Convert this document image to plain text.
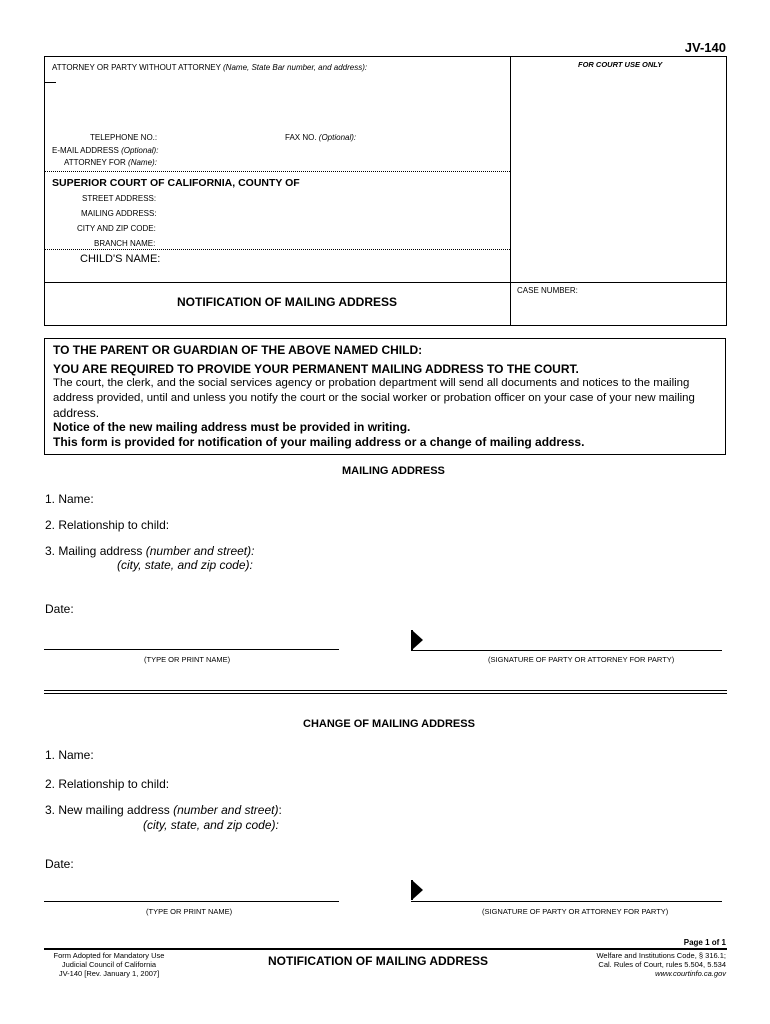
JV-140
ATTORNEY OR PARTY WITHOUT ATTORNEY (Name, State Bar number, and address):	FOR COURT USE ONLY
TELEPHONE NO.:	FAX NO. (Optional):
E-MAIL ADDRESS (Optional):
ATTORNEY FOR (Name):
SUPERIOR COURT OF CALIFORNIA, COUNTY OF
STREET ADDRESS:
MAILING ADDRESS:
CITY AND ZIP CODE:
BRANCH NAME:
CHILD'S NAME:
CASE NUMBER:
NOTIFICATION OF MAILING ADDRESS
TO THE PARENT OR GUARDIAN OF THE ABOVE NAMED CHILD:
YOU ARE REQUIRED TO PROVIDE YOUR PERMANENT MAILING ADDRESS TO THE COURT.
The court, the clerk, and the social services agency or probation department will send all documents and notices to the mailing
address provided, until and unless you notify the court or the social worker or probation officer on your case of your new mailing
address.
Notice of the new mailing address must be provided in writing.
This form is provided for notification of your mailing address or a change of mailing address.
MAILING ADDRESS
1. Name:
2. Relationship to child:
3. Mailing address (number and street):
(city, state, and zip code):
Date:
(TYPE OR PRINT NAME)	(SIGNATURE OF PARTY OR ATTORNEY FOR PARTY)
CHANGE OF MAILING ADDRESS
1. Name:
2. Relationship to child:
3. New mailing address (number and street):
(city, state, and zip code):
Date:
(TYPE OR PRINT NAME)	(SIGNATURE OF PARTY OR ATTORNEY FOR PARTY)
Page 1 of 1
Form Adopted for Mandatory Use
Judicial Council of California
JV-140 [Rev. January 1, 2007]
NOTIFICATION OF MAILING ADDRESS	Welfare and Institutions Code, § 316.1;
Cal. Rules of Court, rules 5.504, 5.534
www.courtinfo.ca.gov
